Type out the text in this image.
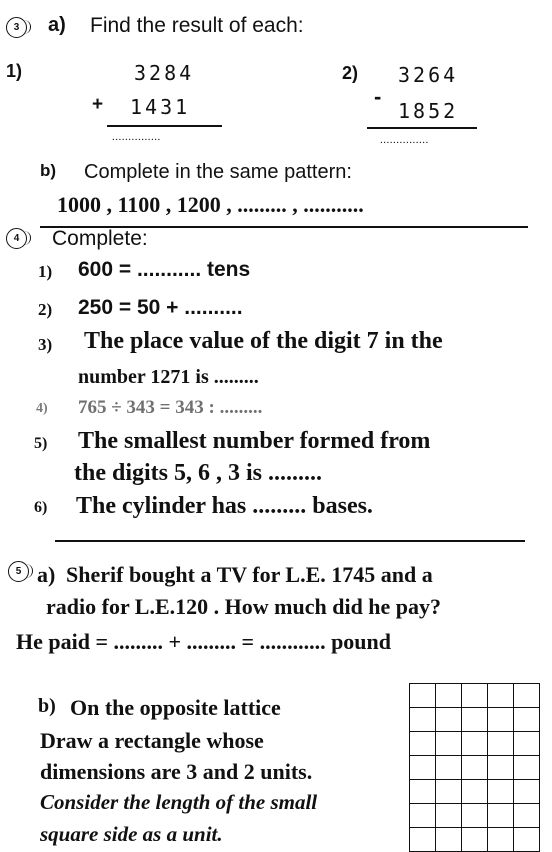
3	a) Find the result of each:
1)	3284
+ 1431
...............
2) 3264
-
1852
...............
b) Complete in the same pattern:
1000 , 1100 , 1200 , ......... , ...........
4	Complete:
1) 600 = ........... tens
2) 250 = 50 + ..........
3) The place value of the digit 7 in the
number 1271 is .........
4) 765 ÷ 343 = 343 : .........
5) The smallest number formed from
the digits 5, 6 , 3 is .........
6) The cylinder has ......... bases.
5 a) Sherif bought a TV for L.E. 1745 and a
radio for L.E.120 . How much did he pay?
He paid = ......... + ......... = ............ pound
b) On the opposite lattice
Draw a rectangle whose
dimensions are 3 and 2 units.
Consider the length of the small
square side as a unit.
